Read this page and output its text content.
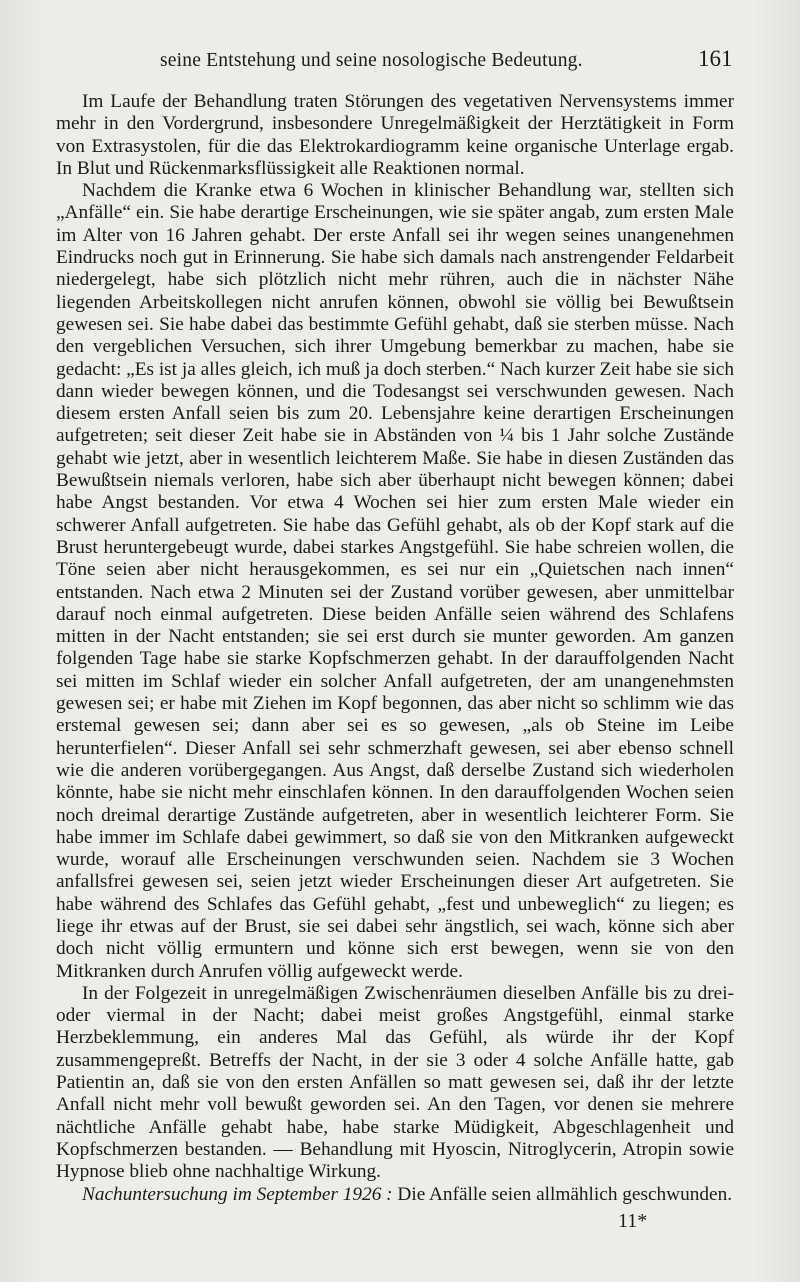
seine Entstehung und seine nosologische Bedeutung.	161

Im Laufe der Behandlung traten Störungen des vegetativen Nervensystems immer mehr in den Vordergrund, insbesondere Unregelmäßigkeit der Herztätigkeit in Form von Extrasystolen, für die das Elektrokardiogramm keine organische Unterlage ergab. In Blut und Rückenmarksflüssigkeit alle Reaktionen normal.

Nachdem die Kranke etwa 6 Wochen in klinischer Behandlung war, stellten sich „Anfälle“ ein. Sie habe derartige Erscheinungen, wie sie später angab, zum ersten Male im Alter von 16 Jahren gehabt. Der erste Anfall sei ihr wegen seines unangenehmen Eindrucks noch gut in Erinnerung. Sie habe sich damals nach anstrengender Feldarbeit niedergelegt, habe sich plötzlich nicht mehr rühren, auch die in nächster Nähe liegenden Arbeitskollegen nicht anrufen können, obwohl sie völlig bei Bewußtsein gewesen sei. Sie habe dabei das bestimmte Gefühl gehabt, daß sie sterben müsse. Nach den vergeblichen Versuchen, sich ihrer Umgebung bemerkbar zu machen, habe sie gedacht: „Es ist ja alles gleich, ich muß ja doch sterben.“ Nach kurzer Zeit habe sie sich dann wieder bewegen können, und die Todesangst sei verschwunden gewesen. Nach diesem ersten Anfall seien bis zum 20. Lebensjahre keine derartigen Erscheinungen aufgetreten; seit dieser Zeit habe sie in Abständen von ¼ bis 1 Jahr solche Zustände gehabt wie jetzt, aber in wesentlich leichterem Maße. Sie habe in diesen Zuständen das Bewußtsein niemals verloren, habe sich aber überhaupt nicht bewegen können; dabei habe Angst bestanden. Vor etwa 4 Wochen sei hier zum ersten Male wieder ein schwerer Anfall aufgetreten. Sie habe das Gefühl gehabt, als ob der Kopf stark auf die Brust heruntergebeugt wurde, dabei starkes Angstgefühl. Sie habe schreien wollen, die Töne seien aber nicht herausgekommen, es sei nur ein „Quietschen nach innen“ entstanden. Nach etwa 2 Minuten sei der Zustand vorüber gewesen, aber unmittelbar darauf noch einmal aufgetreten. Diese beiden Anfälle seien während des Schlafens mitten in der Nacht entstanden; sie sei erst durch sie munter geworden. Am ganzen folgenden Tage habe sie starke Kopfschmerzen gehabt. In der darauffolgenden Nacht sei mitten im Schlaf wieder ein solcher Anfall aufgetreten, der am unangenehmsten gewesen sei; er habe mit Ziehen im Kopf begonnen, das aber nicht so schlimm wie das erstemal gewesen sei; dann aber sei es so gewesen, „als ob Steine im Leibe herunterfielen“. Dieser Anfall sei sehr schmerzhaft gewesen, sei aber ebenso schnell wie die anderen vorübergegangen. Aus Angst, daß derselbe Zustand sich wiederholen könnte, habe sie nicht mehr einschlafen können. In den darauffolgenden Wochen seien noch dreimal derartige Zustände aufgetreten, aber in wesentlich leichterer Form. Sie habe immer im Schlafe dabei gewimmert, so daß sie von den Mitkranken aufgeweckt wurde, worauf alle Erscheinungen verschwunden seien. Nachdem sie 3 Wochen anfallsfrei gewesen sei, seien jetzt wieder Erscheinungen dieser Art aufgetreten. Sie habe während des Schlafes das Gefühl gehabt, „fest und unbeweglich“ zu liegen; es liege ihr etwas auf der Brust, sie sei dabei sehr ängstlich, sei wach, könne sich aber doch nicht völlig ermuntern und könne sich erst bewegen, wenn sie von den Mitkranken durch Anrufen völlig aufgeweckt werde.

In der Folgezeit in unregelmäßigen Zwischenräumen dieselben Anfälle bis zu drei- oder viermal in der Nacht; dabei meist großes Angstgefühl, einmal starke Herzbeklemmung, ein anderes Mal das Gefühl, als würde ihr der Kopf zusammengepreßt. Betreffs der Nacht, in der sie 3 oder 4 solche Anfälle hatte, gab Patientin an, daß sie von den ersten Anfällen so matt gewesen sei, daß ihr der letzte Anfall nicht mehr voll bewußt geworden sei. An den Tagen, vor denen sie mehrere nächtliche Anfälle gehabt habe, habe starke Müdigkeit, Abgeschlagenheit und Kopfschmerzen bestanden. — Behandlung mit Hyoscin, Nitroglycerin, Atropin sowie Hypnose blieb ohne nachhaltige Wirkung.

Nachuntersuchung im September 1926 : Die Anfälle seien allmählich geschwunden.

11*
